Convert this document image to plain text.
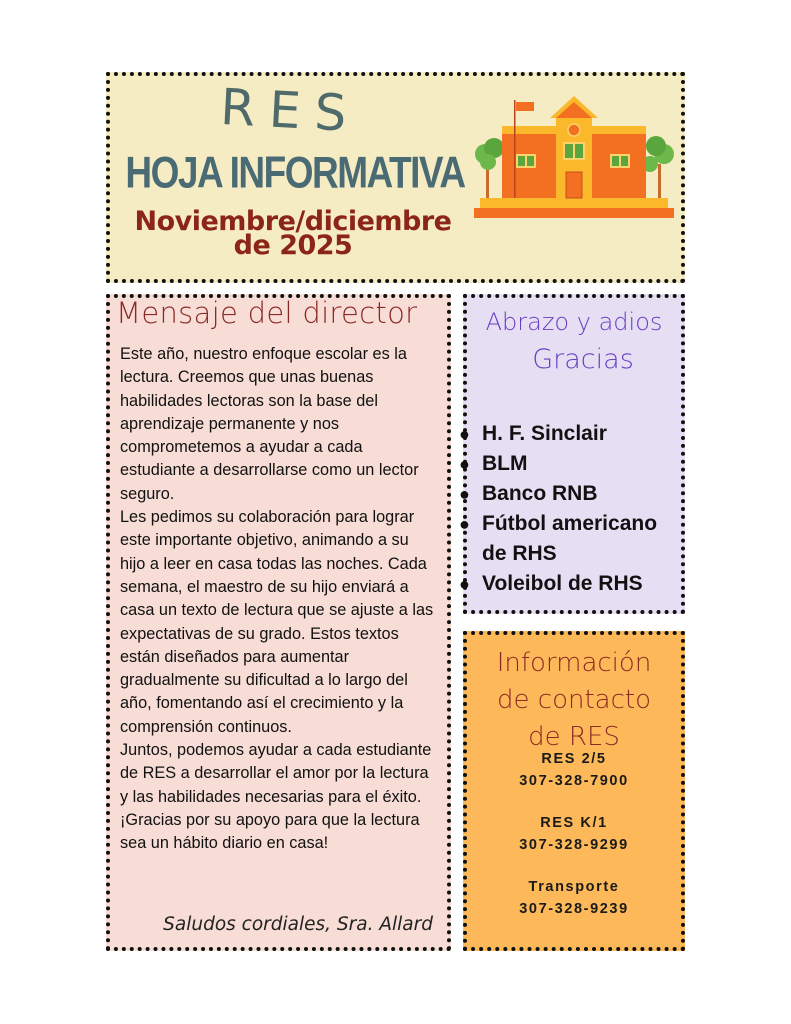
RES
HOJA INFORMATIVA
Noviembre/diciembre
de 2025
Mensaje del director

Este año, nuestro enfoque escolar es la lectura. Creemos que unas buenas habilidades lectoras son la base del aprendizaje permanente y nos comprometemos a ayudar a cada estudiante a desarrollarse como un lector seguro.

Les pedimos su colaboración para lograr este importante objetivo, animando a su hijo a leer en casa todas las noches. Cada semana, el maestro de su hijo enviará a casa un texto de lectura que se ajuste a las expectativas de su grado. Estos textos están diseñados para aumentar gradualmente su dificultad a lo largo del año, fomentando así el crecimiento y la comprensión continuos.

Juntos, podemos ayudar a cada estudiante de RES a desarrollar el amor por la lectura y las habilidades necesarias para el éxito. ¡Gracias por su apoyo para que la lectura sea un hábito diario en casa!

Saludos cordiales, Sra. Allard
Abrazo y adios
Gracias
● H. F. Sinclair
● BLM
● Banco RNB
● Fútbol americano
de RHS
● Voleibol de RHS
Información
de contacto
de RES
RES 2/5
307-328-7900
RES K/1
307-328-9299
Transporte
307-328-9239
